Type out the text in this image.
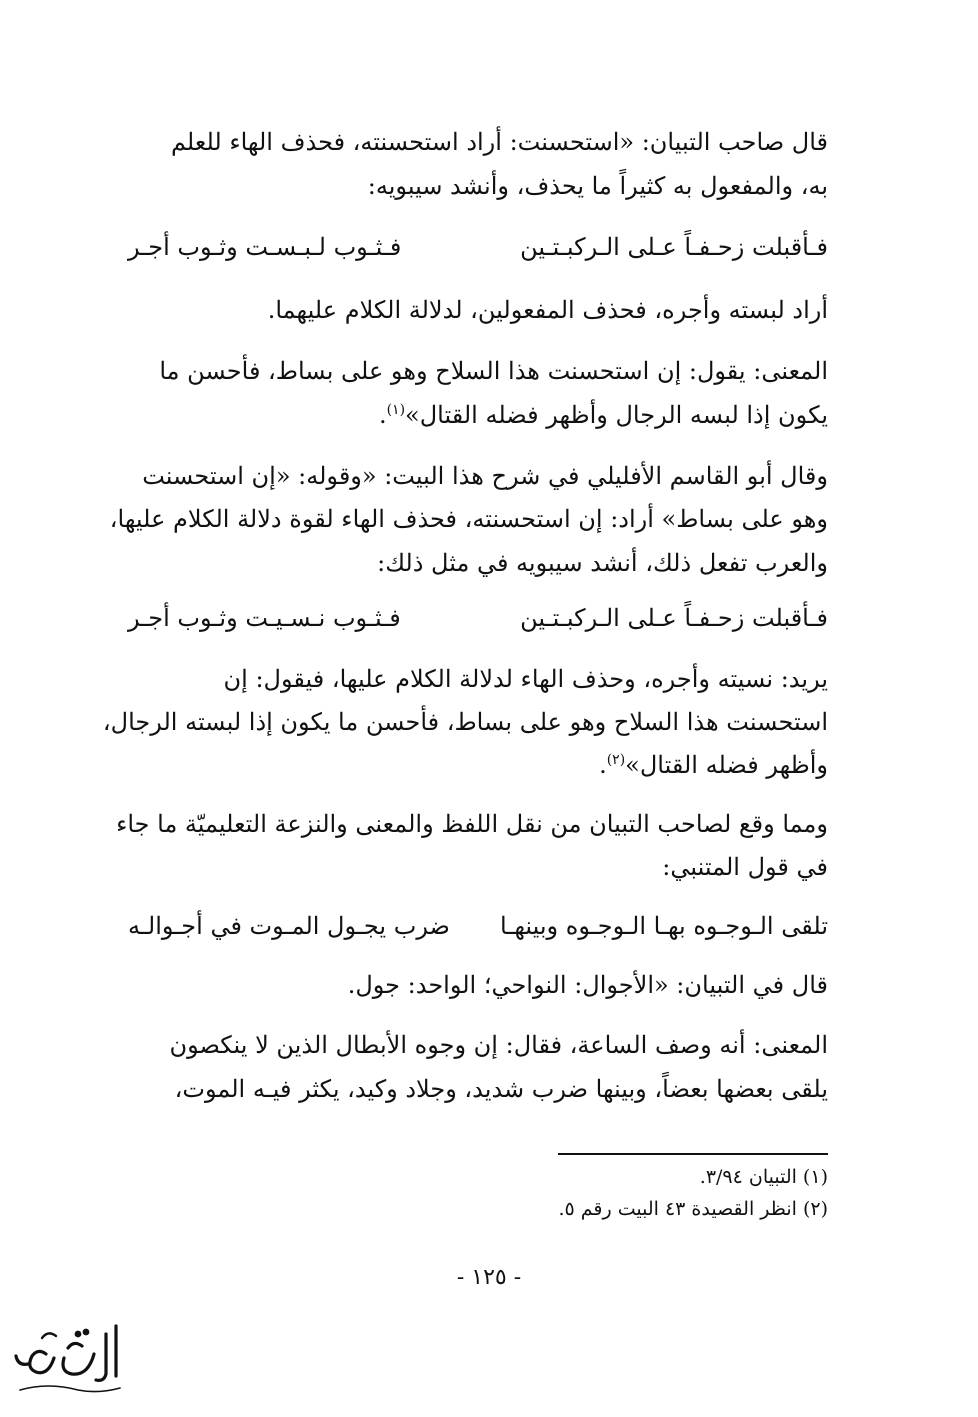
قال صاحب التبيان: «استحسنت: أراد استحسنته، فحذف الهاء للعلم
به، والمفعول به كثيراً ما يحذف، وأنشد سيبويه:
فـأقبلت زحـفـاً عـلى الـركبـتـين
فـثـوب لـبـسـت وثـوب أجـر
أراد لبسته وأجره، فحذف المفعولين، لدلالة الكلام عليهما.
المعنى: يقول: إن استحسنت هذا السلاح وهو على بساط، فأحسن ما
يكون إذا لبسه الرجال وأظهر فضله القتال»$^{(١)}$.
وقال أبو القاسم الأفليلي في شرح هذا البيت: «وقوله: «إن استحسنت
وهو على بساط» أراد: إن استحسنته، فحذف الهاء لقوة دلالة الكلام عليها،
والعرب تفعل ذلك، أنشد سيبويه في مثل ذلك:
فـأقبلت زحـفـاً عـلى الـركبـتـين
فـثـوب نـسـيـت وثـوب أجـر
يريد: نسيته وأجره، وحذف الهاء لدلالة الكلام عليها، فيقول: إن
استحسنت هذا السلاح وهو على بساط، فأحسن ما يكون إذا لبسته الرجال،
وأظهر فضله القتال»$^{(٢)}$.
ومما وقع لصاحب التبيان من نقل اللفظ والمعنى والنزعة التعليميّة ما جاء
في قول المتنبي:
تلقى الـوجـوه بهـا الـوجـوه وبينهـا
ضرب يجـول المـوت في أجـوالـه
قال في التبيان: «الأجوال: النواحي؛ الواحد: جول.
المعنى: أنه وصف الساعة، فقال: إن وجوه الأبطال الذين لا ينكصون
يلقى بعضها بعضاً، وبينها ضرب شديد، وجلاد وكيد، يكثر فيـه الموت،
(١) التبيان ٣/٩٤.
(٢) انظر القصيدة ٤٣ البيت رقم ٥.
- ١٢٥ -
